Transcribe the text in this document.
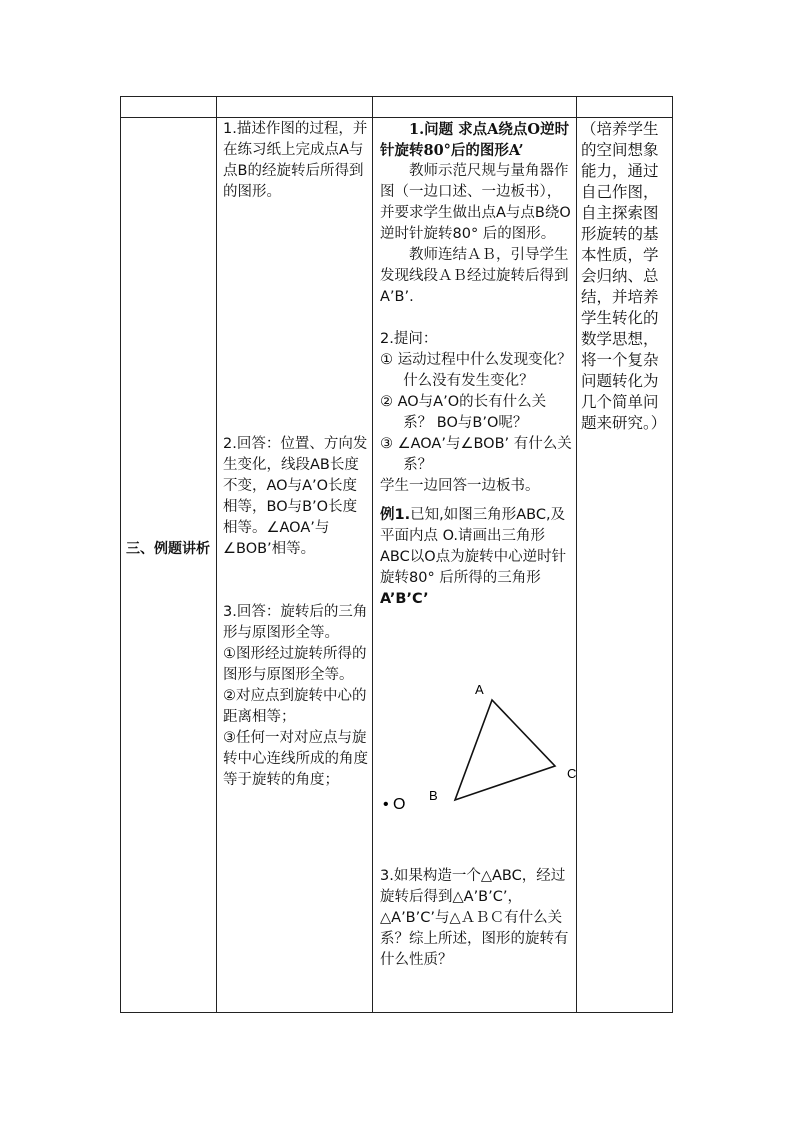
三、例题讲析

1.描述作图的过程，并在练习纸上完成点A与点B的经旋转后所得到的图形。

2.回答：位置、方向发生变化，线段AB长度不变，AO与A’O长度相等，BO与B’O长度相等。∠AOA’与∠BOB’相等。

3.回答：旋转后的三角形与原图形全等。

①图形经过旋转所得的图形与原图形全等。

②对应点到旋转中心的距离相等；

③任何一对对应点与旋转中心连线所成的角度等于旋转的角度；

1.问题 求点A绕点O逆时针旋转80°后的图形A’

教师示范尺规与量角器作图（一边口述、一边板书），并要求学生做出点A与点B绕O逆时针旋转80° 后的图形。

教师连结ＡＢ，引导学生发现线段ＡＢ经过旋转后得到A’B’.

2.提问：

① 运动过程中什么发现变化？什么没有发生变化？

② AO与A’O的长有什么关系？ BO与B’O呢？

③ ∠AOA’与∠BOB’ 有什么关系？

学生一边回答一边板书。

例1.已知,如图三角形ABC,及平面内点 O.请画出三角形ABC以O点为旋转中心逆时针旋转80° 后所得的三角形A’B’C’

A
B
C
• O

3.如果构造一个△ABC，经过旋转后得到△A’B’C’，△A’B’C’与△ＡＢＣ有什么关系？综上所述，图形的旋转有什么性质？

（培养学生的空间想象能力，通过自己作图，自主探索图形旋转的基本性质，学会归纳、总结，并培养学生转化的数学思想，将一个复杂问题转化为几个简单问题来研究。）
